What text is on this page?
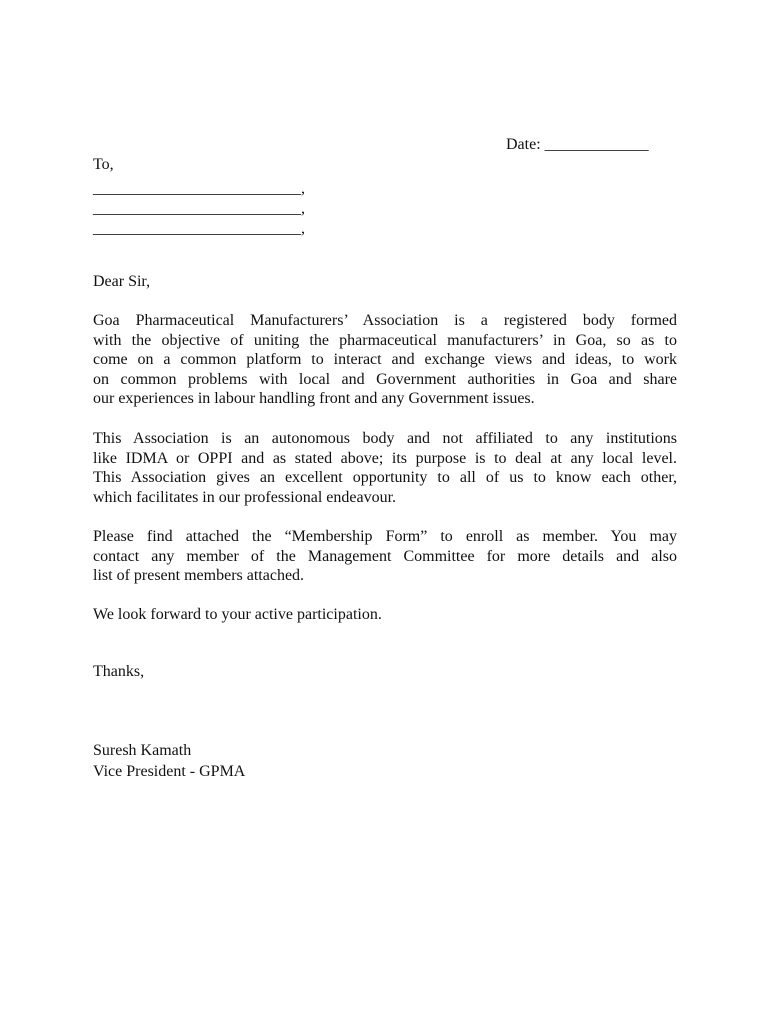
Date: _____________
To,
__________________________,
__________________________,
__________________________,
Dear Sir,
Goa Pharmaceutical Manufacturers’ Association is a registered body formed
with the objective of uniting the pharmaceutical manufacturers’ in Goa, so as to
come on a common platform to interact and exchange views and ideas, to work
on common problems with local and Government authorities in Goa and share
our experiences in labour handling front and any Government issues.
This Association is an autonomous body and not affiliated to any institutions
like IDMA or OPPI and as stated above; its purpose is to deal at any local level.
This Association gives an excellent opportunity to all of us to know each other,
which facilitates in our professional endeavour.
Please find attached the “Membership Form” to enroll as member. You may
contact any member of the Management Committee for more details and also
list of present members attached.
We look forward to your active participation.
Thanks,
Suresh Kamath
Vice President - GPMA
